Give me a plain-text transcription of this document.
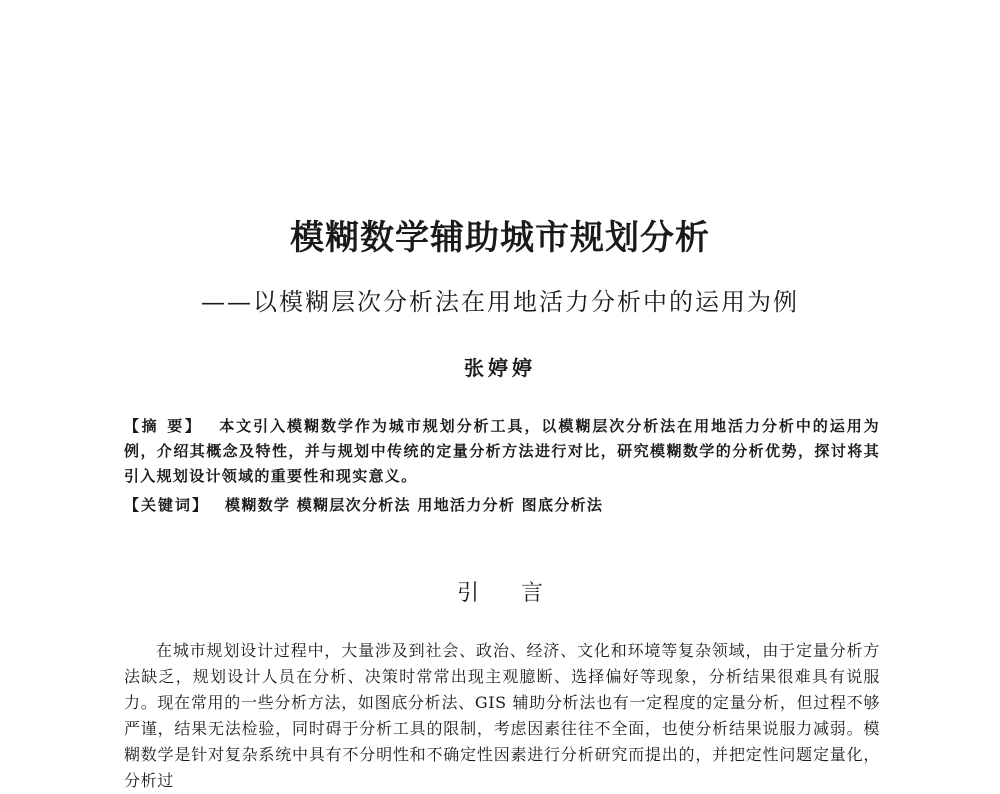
模糊数学辅助城市规划分析
——以模糊层次分析法在用地活力分析中的运用为例
张婷婷
【摘 要】 本文引入模糊数学作为城市规划分析工具，以模糊层次分析法在用地活力分析中的运用为例，介绍其概念及特性，并与规划中传统的定量分析方法进行对比，研究模糊数学的分析优势，探讨将其引入规划设计领域的重要性和现实意义。
【关键词】 模糊数学 模糊层次分析法 用地活力分析 图底分析法
引言
在城市规划设计过程中，大量涉及到社会、政治、经济、文化和环境等复杂领域，由于定量分析方法缺乏，规划设计人员在分析、决策时常常出现主观臆断、选择偏好等现象，分析结果很难具有说服力。现在常用的一些分析方法，如图底分析法、GIS 辅助分析法也有一定程度的定量分析，但过程不够严谨，结果无法检验，同时碍于分析工具的限制，考虑因素往往不全面，也使分析结果说服力减弱。模糊数学是针对复杂系统中具有不分明性和不确定性因素进行分析研究而提出的，并把定性问题定量化，分析过
